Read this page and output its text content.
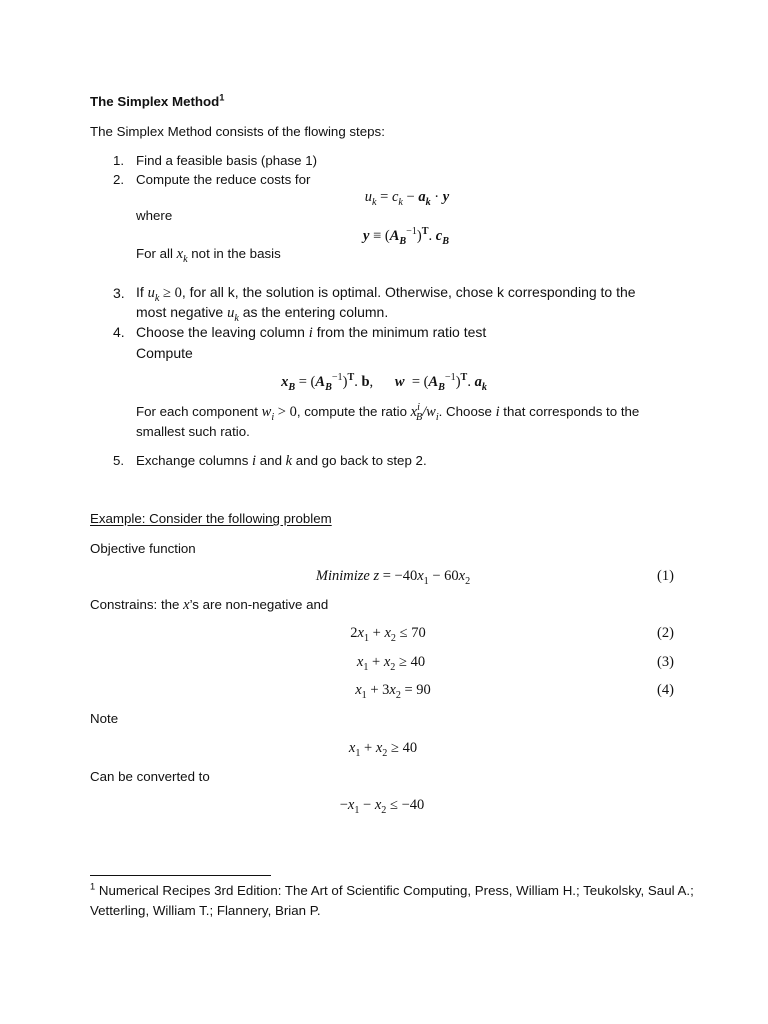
The Simplex Method$^1$
The Simplex Method consists of the flowing steps:
1. Find a feasible basis (phase 1)
2. Compute the reduce costs for
$u_k = c_k - a_k \cdot y$
where
$y \equiv (A_B^{-1})^T$. $c_B$
For all $x_k$ not in the basis
3. If $u_k \ge 0$, for all k, the solution is optimal. Otherwise, chose k corresponding to the
most negative $u_k$ as the entering column.
4. Choose the leaving column i from the minimum ratio test
Compute
$x_B = (A_B^{-1})^T$. b,      $w = (A_B^{-1})^T$. $a_k$
For each component $w_i > 0$, compute the ratio $x^i_B/w_i$. Choose i that corresponds to the
smallest such ratio.
5. Exchange columns i and k and go back to step 2.
Example: Consider the following problem
Objective function
Minimize $z = -40x_1 - 60x_2$	(1)
Constrains: the x’s are non-negative and
$2x_1 + x_2 \le 70$	(2)
$x_1 + x_2 \ge 40$	(3)
$x_1 + 3x_2 = 90$	(4)
Note
$x_1 + x_2 \ge 40$
Can be converted to
$-x_1 - x_2 \le -40$
$^1$ Numerical Recipes 3rd Edition: The Art of Scientific Computing, Press, William H.; Teukolsky, Saul A.;
Vetterling, William T.; Flannery, Brian P.
